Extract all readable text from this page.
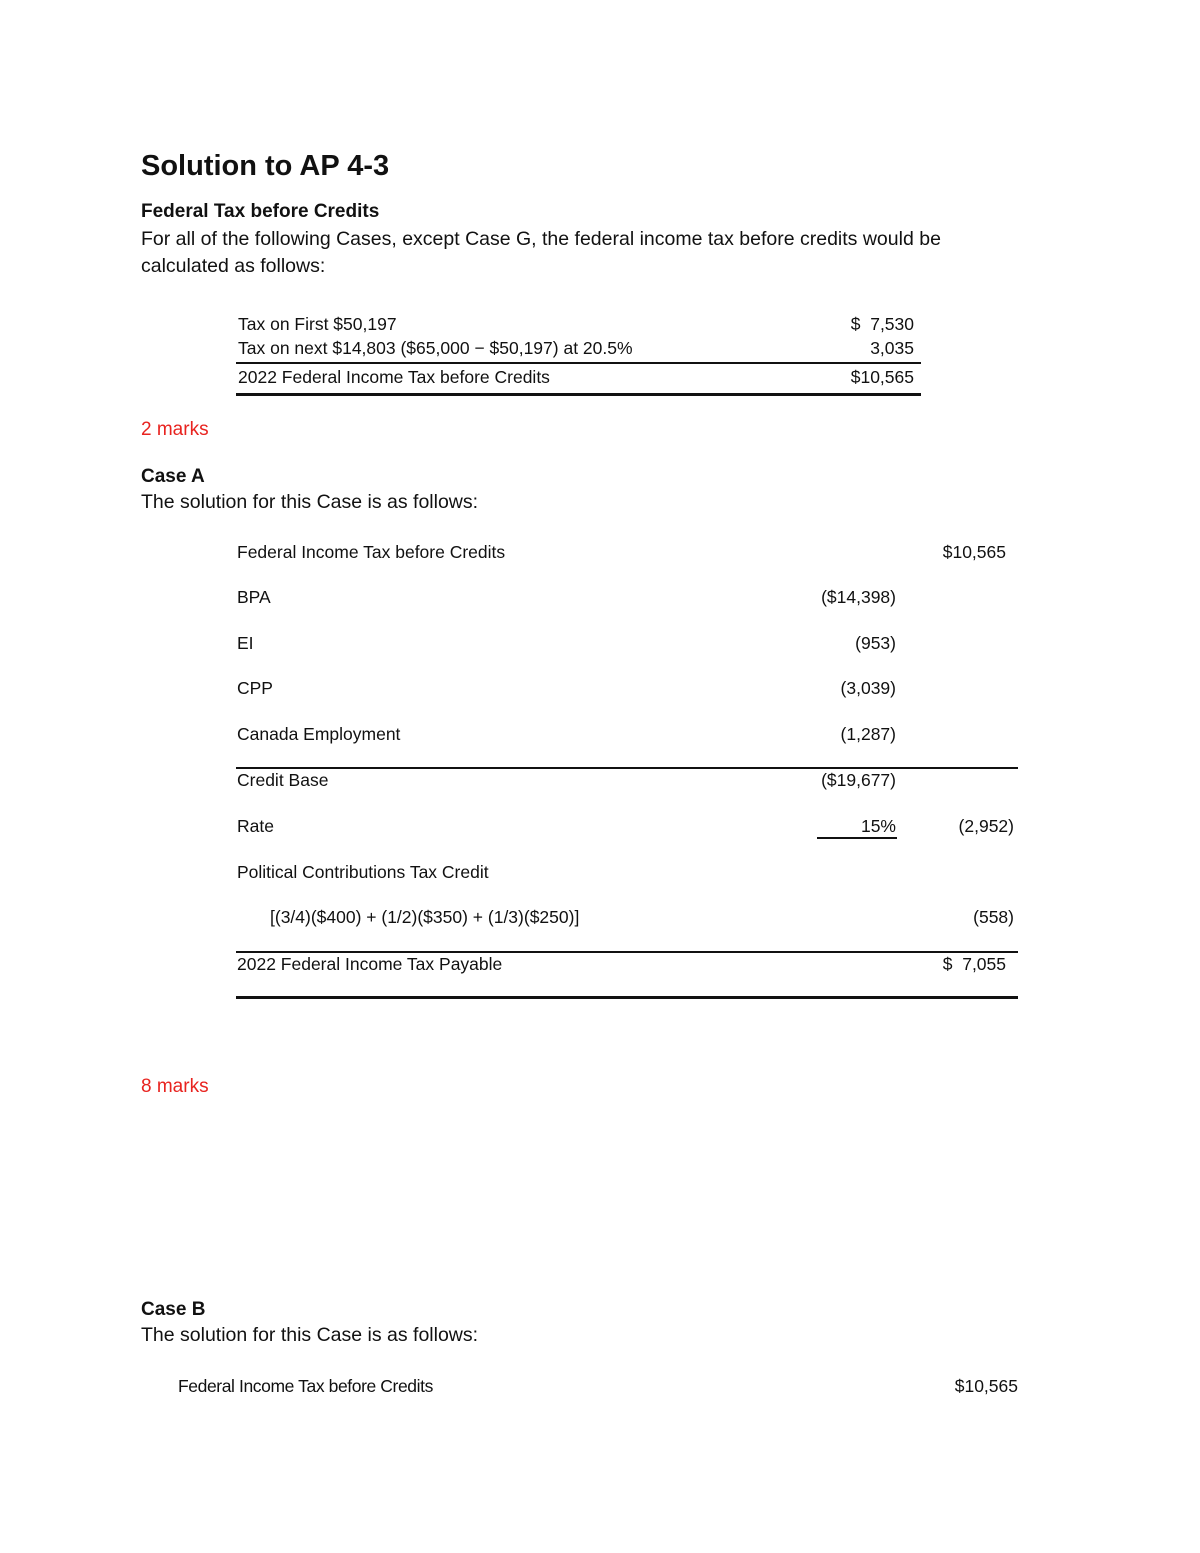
Solution to AP 4-3
Federal Tax before Credits
For all of the following Cases, except Case G, the federal income tax before credits would be
calculated as follows:
Tax on First $50,197	$  7,530
Tax on next $14,803 ($65,000 − $50,197) at 20.5%	3,035
2022 Federal Income Tax before Credits	$10,565
2 marks
Case A
The solution for this Case is as follows:
Federal Income Tax before Credits	$10,565
BPA	($14,398)
EI	(953)
CPP	(3,039)
Canada Employment	(1,287)
Credit Base	($19,677)
Rate	15%	(2,952)
Political Contributions Tax Credit
[(3/4)($400) + (1/2)($350) + (1/3)($250)]	(558)
2022 Federal Income Tax Payable	$  7,055
8 marks
Case B
The solution for this Case is as follows:
Federal Income Tax before Credits	$10,565
